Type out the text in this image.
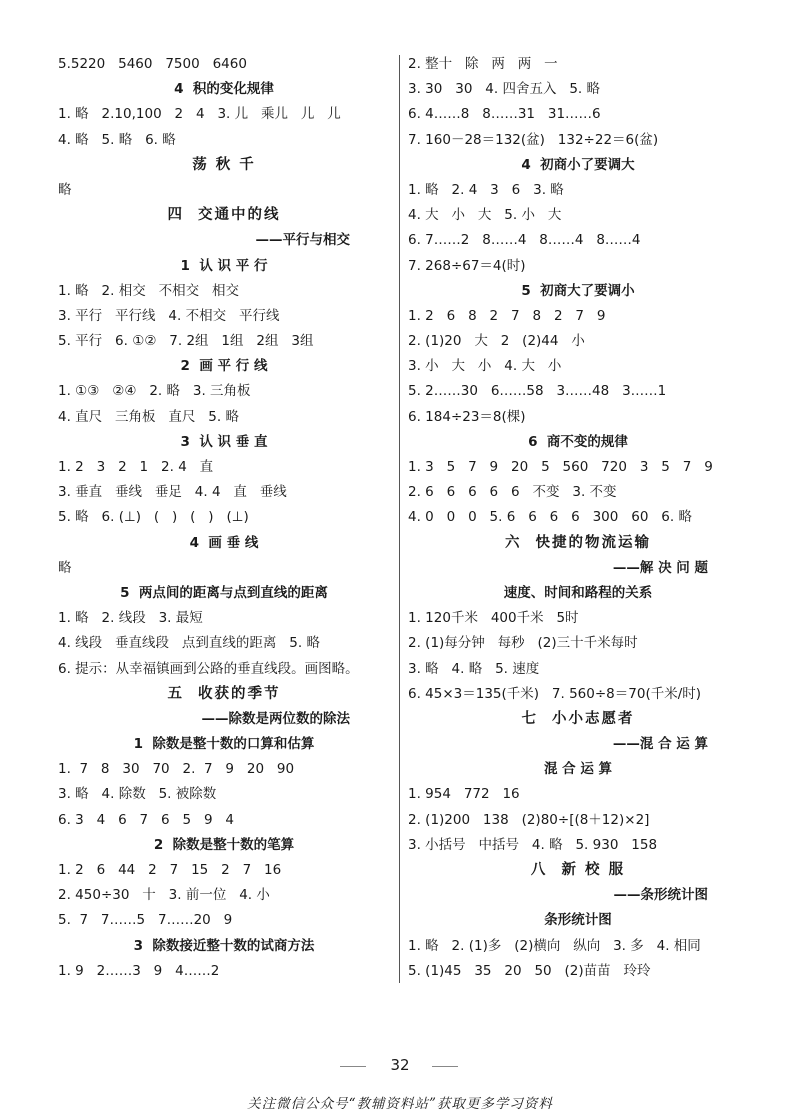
5.5220   5460   7500   6460
4  积的变化规律
1. 略   2.10,100   2   4   3. 儿   乘儿   儿   儿
4. 略   5. 略   6. 略
荡 秋 千
略
四  交通中的线
——平行与相交
1  认 识 平 行
1. 略   2. 相交   不相交   相交
3. 平行   平行线   4. 不相交   平行线
5. 平行   6. ①②   7. 2组   1组   2组   3组
2  画 平 行 线
1. ①③   ②④   2. 略   3. 三角板
4. 直尺   三角板   直尺   5. 略
3  认 识 垂 直
1. 2   3   2   1   2. 4   直
3. 垂直   垂线   垂足   4. 4   直   垂线
5. 略   6. (⊥)   (   )   (   )   (⊥)
4  画 垂 线
略
5  两点间的距离与点到直线的距离
1. 略   2. 线段   3. 最短
4. 线段   垂直线段   点到直线的距离   5. 略
6. 提示：从幸福镇画到公路的垂直线段。画图略。
五  收获的季节
——除数是两位数的除法
1  除数是整十数的口算和估算
1.  7   8   30   70   2.  7   9   20   90
3. 略   4. 除数   5. 被除数
6. 3   4   6   7   6   5   9   4
2  除数是整十数的笔算
1. 2   6   44   2   7   15   2   7   16
2. 450÷30   十   3. 前一位   4. 小
5.  7   7……5   7……20   9
3  除数接近整十数的试商方法
1. 9   2……3   9   4……2
2. 整十   除   两   两   一
3. 30   30   4. 四舍五入   5. 略
6. 4……8   8……31   31……6
7. 160－28＝132(盆)   132÷22＝6(盆)
4  初商小了要调大
1. 略   2. 4   3   6   3. 略
4. 大   小   大   5. 小   大
6. 7……2   8……4   8……4   8……4
7. 268÷67＝4(时)
5  初商大了要调小
1. 2   6   8   2   7   8   2   7   9
2. (1)20   大   2   (2)44   小
3. 小   大   小   4. 大   小
5. 2……30   6……58   3……48   3……1
6. 184÷23＝8(棵)
6  商不变的规律
1. 3   5   7   9   20   5   560   720   3   5   7   9
2. 6   6   6   6   6   不变   3. 不变
4. 0   0   0   5. 6   6   6   6   300   60   6. 略
六  快捷的物流运输
——解 决 问 题
速度、时间和路程的关系
1. 120千米   400千米   5时
2. (1)每分钟   每秒   (2)三十千米每时
3. 略   4. 略   5. 速度
6. 45×3＝135(千米)   7. 560÷8＝70(千米/时)
七  小小志愿者
——混 合 运 算
混 合 运 算
1. 954   772   16
2. (1)200   138   (2)80÷[(8＋12)×2]
3. 小括号   中括号   4. 略   5. 930   158
八  新 校 服
——条形统计图
条形统计图
1. 略   2. (1)多   (2)横向   纵向   3. 多   4. 相同
5. (1)45   35   20   50   (2)苗苗   玲玲
32
关注微信公众号“教辅资料站”获取更多学习资料
